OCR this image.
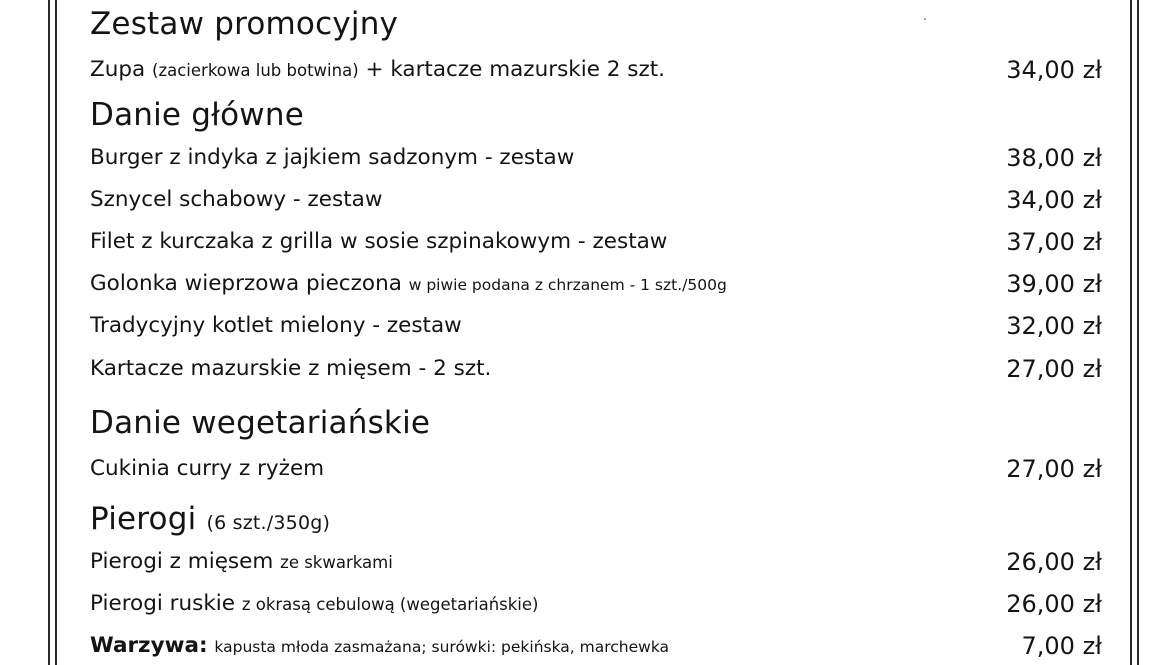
Zestaw promocyjny
Zupa (zacierkowa lub botwina) + kartacze mazurskie 2 szt.	34,00 zł
Danie główne
Burger z indyka z jajkiem sadzonym - zestaw	38,00 zł
Sznycel schabowy - zestaw	34,00 zł
Filet z kurczaka z grilla w sosie szpinakowym - zestaw	37,00 zł
Golonka wieprzowa pieczona w piwie podana z chrzanem - 1 szt./500g	39,00 zł
Tradycyjny kotlet mielony - zestaw	32,00 zł
Kartacze mazurskie z mięsem - 2 szt.	27,00 zł
Danie wegetariańskie
Cukinia curry z ryżem	27,00 zł
Pierogi (6 szt./350g)
Pierogi z mięsem ze skwarkami	26,00 zł
Pierogi ruskie z okrasą cebulową (wegetariańskie)	26,00 zł
Warzywa: kapusta młoda zasmażana; surówki: pekińska, marchewka	7,00 zł
